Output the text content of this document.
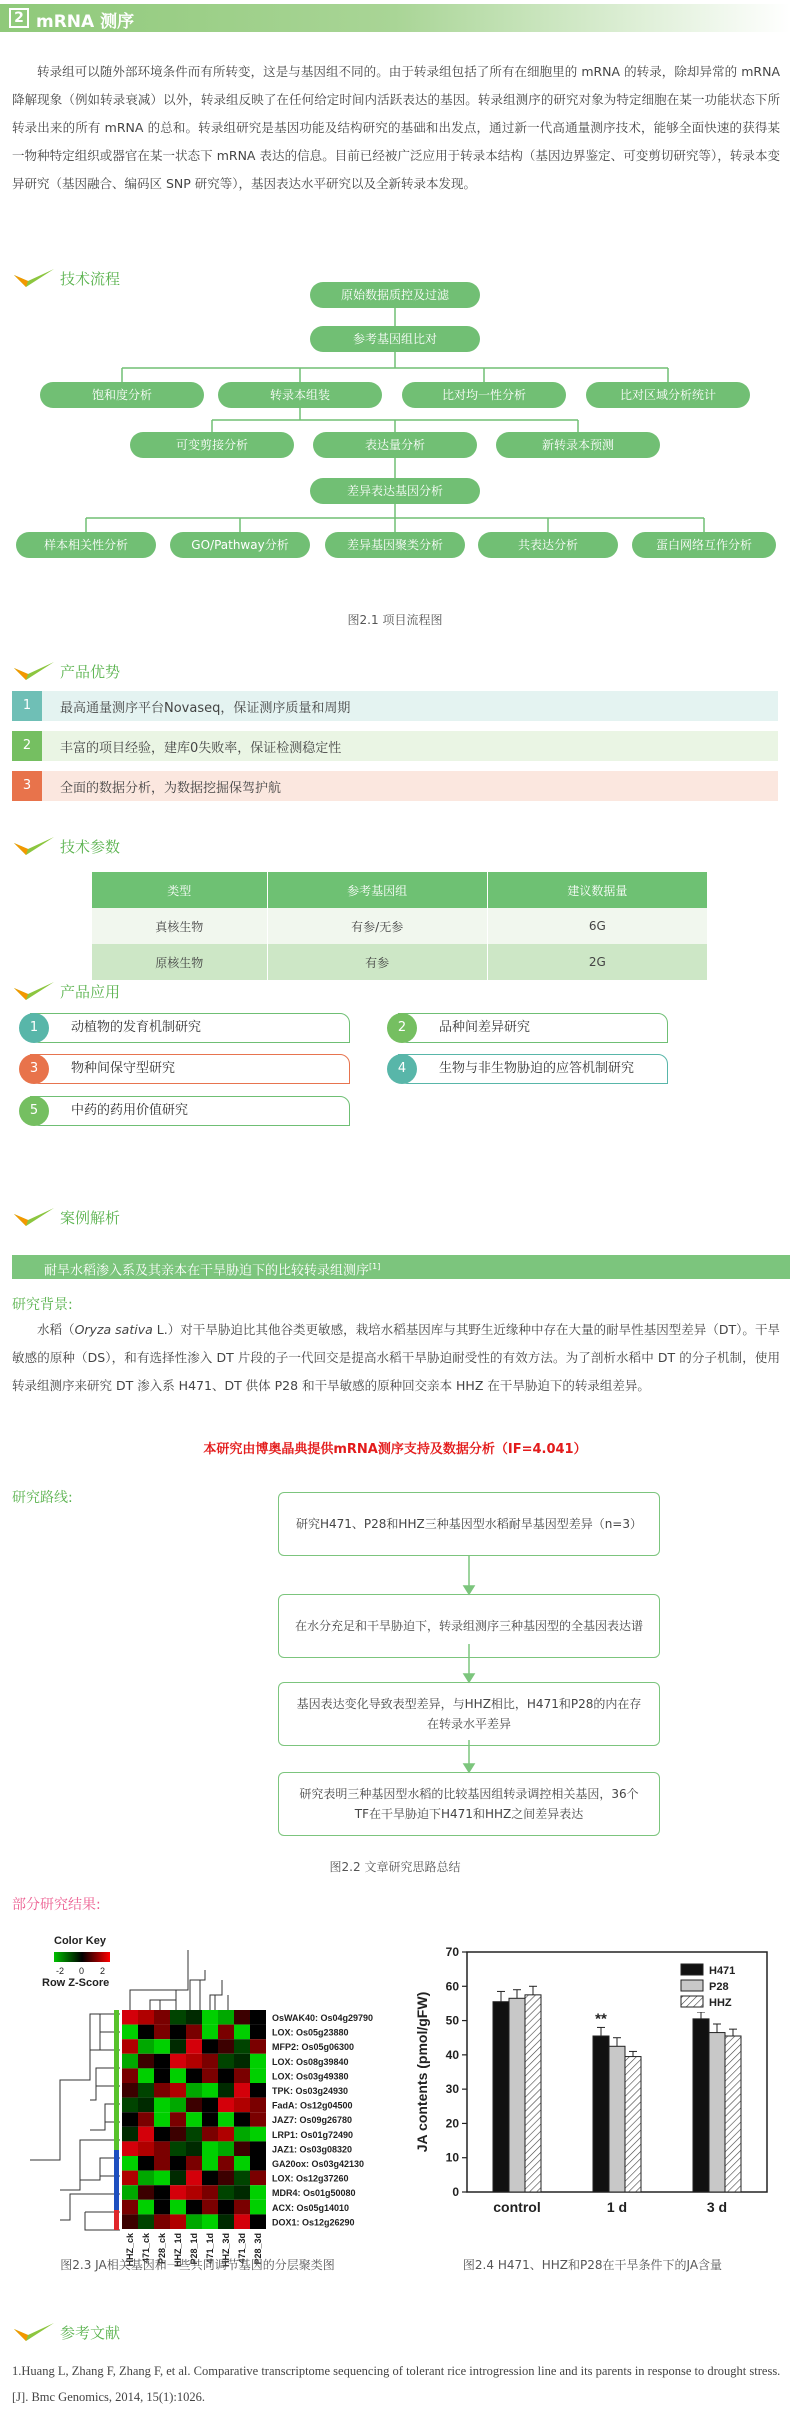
2 mRNA 测序
转录组可以随外部环境条件而有所转变，这是与基因组不同的。由于转录组包括了所有在细胞里的 mRNA 的转录，除却异常的 mRNA 降解现象（例如转录衰减）以外，转录组反映了在任何给定时间内活跃表达的基因。转录组测序的研究对象为特定细胞在某一功能状态下所转录出来的所有 mRNA 的总和。转录组研究是基因功能及结构研究的基础和出发点，通过新一代高通量测序技术，能够全面快速的获得某一物种特定组织或器官在某一状态下 mRNA 表达的信息。目前已经被广泛应用于转录本结构（基因边界鉴定、可变剪切研究等），转录本变异研究（基因融合、编码区 SNP 研究等），基因表达水平研究以及全新转录本发现。
技术流程
原始数据质控及过滤
参考基因组比对
饱和度分析	转录本组装	比对均一性分析	比对区域分析统计
可变剪接分析	表达量分析	新转录本预测
差异表达基因分析
样本相关性分析	GO/Pathway分析	差异基因聚类分析	共表达分析	蛋白网络互作分析
图2.1 项目流程图
产品优势
1	最高通量测序平台Novaseq，保证测序质量和周期
2	丰富的项目经验，建库0失败率，保证检测稳定性
3	全面的数据分析，为数据挖掘保驾护航
技术参数
类型	参考基因组	建议数据量
真核生物	有参/无参	6G
原核生物	有参	2G
产品应用
1	动植物的发育机制研究	2	品种间差异研究
3	物种间保守型研究	4	生物与非生物胁迫的应答机制研究
5	中药的药用价值研究
案例解析
耐旱水稻渗入系及其亲本在干旱胁迫下的比较转录组测序[1]
研究背景:
水稻（Oryza sativa L.）对干旱胁迫比其他谷类更敏感，栽培水稻基因库与其野生近缘种中存在大量的耐旱性基因型差异（DT）。干旱敏感的原种（DS），和有选择性渗入 DT 片段的子一代回交是提高水稻干旱胁迫耐受性的有效方法。为了剖析水稻中 DT 的分子机制，使用转录组测序来研究 DT 渗入系 H471、DT 供体 P28 和干旱敏感的原种回交亲本 HHZ 在干旱胁迫下的转录组差异。
本研究由博奥晶典提供mRNA测序支持及数据分析（IF=4.041）
研究路线:
研究H471、P28和HHZ三种基因型水稻耐旱基因型差异（n=3）
在水分充足和干旱胁迫下，转录组测序三种基因型的全基因表达谱
基因表达变化导致表型差异，与HHZ相比，H471和P28的内在存在转录水平差异
研究表明三种基因型水稻的比较基因组转录调控相关基因，36个TF在干旱胁迫下H471和HHZ之间差异表达
图2.2 文章研究思路总结
部分研究结果:
Color Key
-2 0 2
Row Z-Score
OsWAK40: Os04g29790
LOX: Os05g23880
MFP2: Os05g06300
LOX: Os08g39840
LOX: Os03g49380
TPK: Os03g24930
FadA: Os12g04500
JAZ7: Os09g26780
LRP1: Os01g72490
JAZ1: Os03g08320
GA20ox: Os03g42130
LOX: Os12g37260
MDR4: Os01g50080
ACX: Os05g14010
DOX1: Os12g26290
HHZ_ck 471_ck P28_ck HHZ_1d P28_1d 471_1d HHZ_3d 471_3d P28_3d
图2.3 JA相关基因和一些共同调节基因的分层聚类图
0
10
20
30
40
50
60
70
JA contents (pmol/gFW)
control	1 d
**
3 d
H471
P28
HHZ
图2.4 H471、HHZ和P28在干旱条件下的JA含量
参考文献
1.Huang L, Zhang F, Zhang F, et al. Comparative transcriptome sequencing of tolerant rice introgression line and its parents in response to drought stress.[J]. Bmc Genomics, 2014, 15(1):1026.
